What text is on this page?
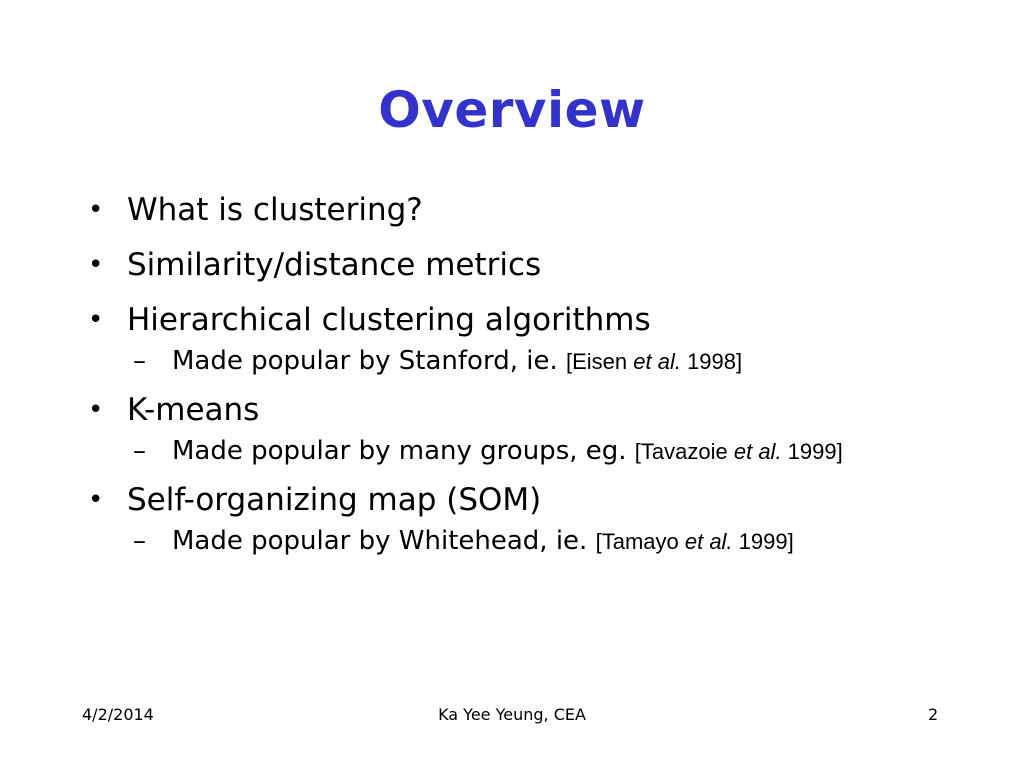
Overview
• What is clustering?
• Similarity/distance metrics
• Hierarchical clustering algorithms
– Made popular by Stanford, ie. [Eisen et al. 1998]
• K-means
– Made popular by many groups, eg. [Tavazoie et al. 1999]
• Self-organizing map (SOM)
– Made popular by Whitehead, ie. [Tamayo et al. 1999]
4/2/2014	Ka Yee Yeung, CEA	2
